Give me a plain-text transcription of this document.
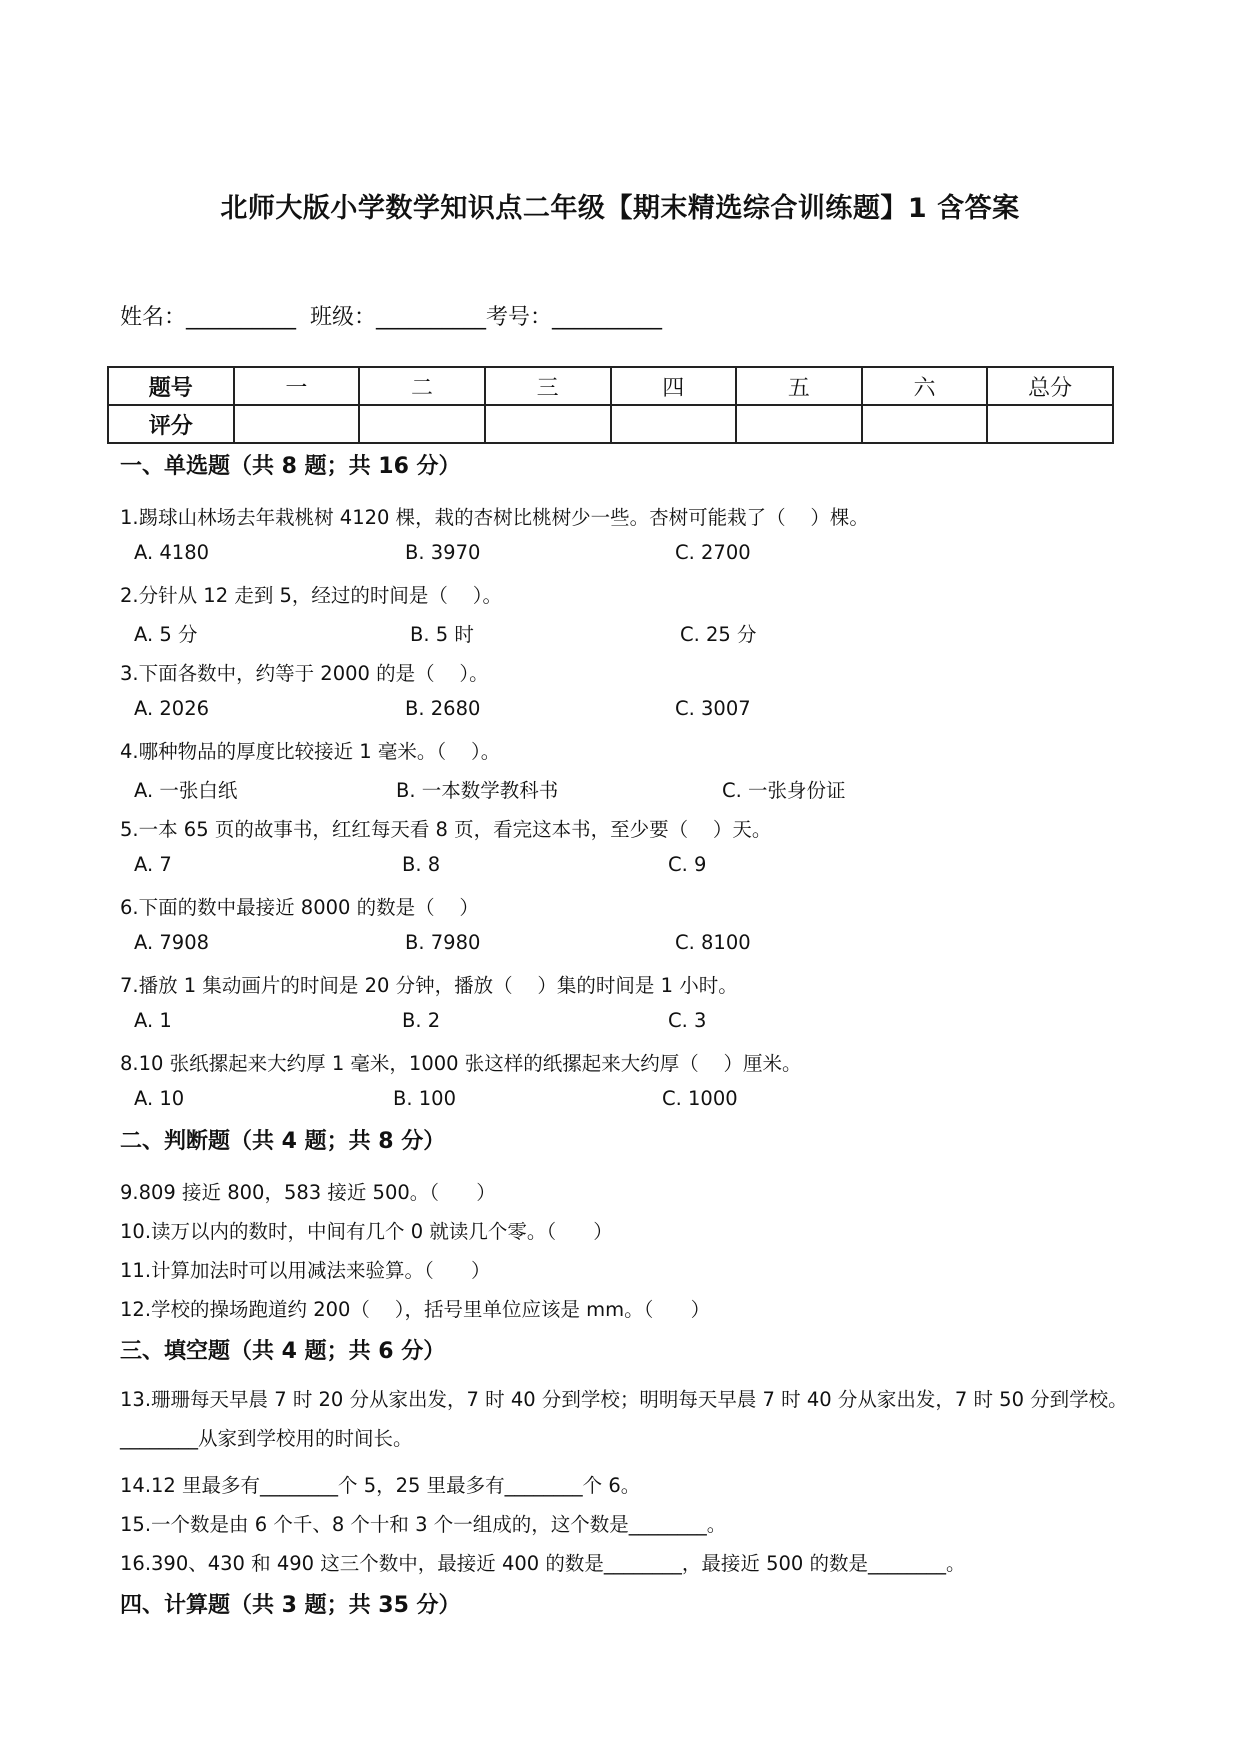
北师大版小学数学知识点二年级【期末精选综合训练题】1 含答案
姓名：__________  班级：__________考号：__________
题号	一	二	三	四	五	六	总分
评分							
一、单选题（共 8 题；共 16 分）
1.踢球山林场去年栽桃树 4120 棵，栽的杏树比桃树少一些。杏树可能栽了（    ）棵。
A. 4180	B. 3970	C. 2700
2.分针从 12 走到 5，经过的时间是（    ）。
A. 5 分	B. 5 时	C. 25 分
3.下面各数中，约等于 2000 的是（    ）。
A. 2026	B. 2680	C. 3007
4.哪种物品的厚度比较接近 1 毫米。（    ）。
A. 一张白纸	B. 一本数学教科书	C. 一张身份证
5.一本 65 页的故事书，红红每天看 8 页，看完这本书，至少要（    ）天。
A. 7	B. 8	C. 9
6.下面的数中最接近 8000 的数是（    ）
A. 7908	B. 7980	C. 8100
7.播放 1 集动画片的时间是 20 分钟，播放（    ）集的时间是 1 小时。
A. 1	B. 2	C. 3
8.10 张纸摞起来大约厚 1 毫米，1000 张这样的纸摞起来大约厚（    ）厘米。
A. 10	B. 100	C. 1000
二、判断题（共 4 题；共 8 分）
9.809 接近 800，583 接近 500。（      ）
10.读万以内的数时，中间有几个 0 就读几个零。（      ）
11.计算加法时可以用减法来验算。（      ）
12.学校的操场跑道约 200（    ），括号里单位应该是 mm。（      ）
三、填空题（共 4 题；共 6 分）
13.珊珊每天早晨 7 时 20 分从家出发，7 时 40 分到学校；明明每天早晨 7 时 40 分从家出发，7 时 50 分到学校。________从家到学校用的时间长。
14.12 里最多有________个 5，25 里最多有________个 6。
15.一个数是由 6 个千、8 个十和 3 个一组成的，这个数是________。
16.390、430 和 490 这三个数中，最接近 400 的数是________，最接近 500 的数是________。
四、计算题（共 3 题；共 35 分）
